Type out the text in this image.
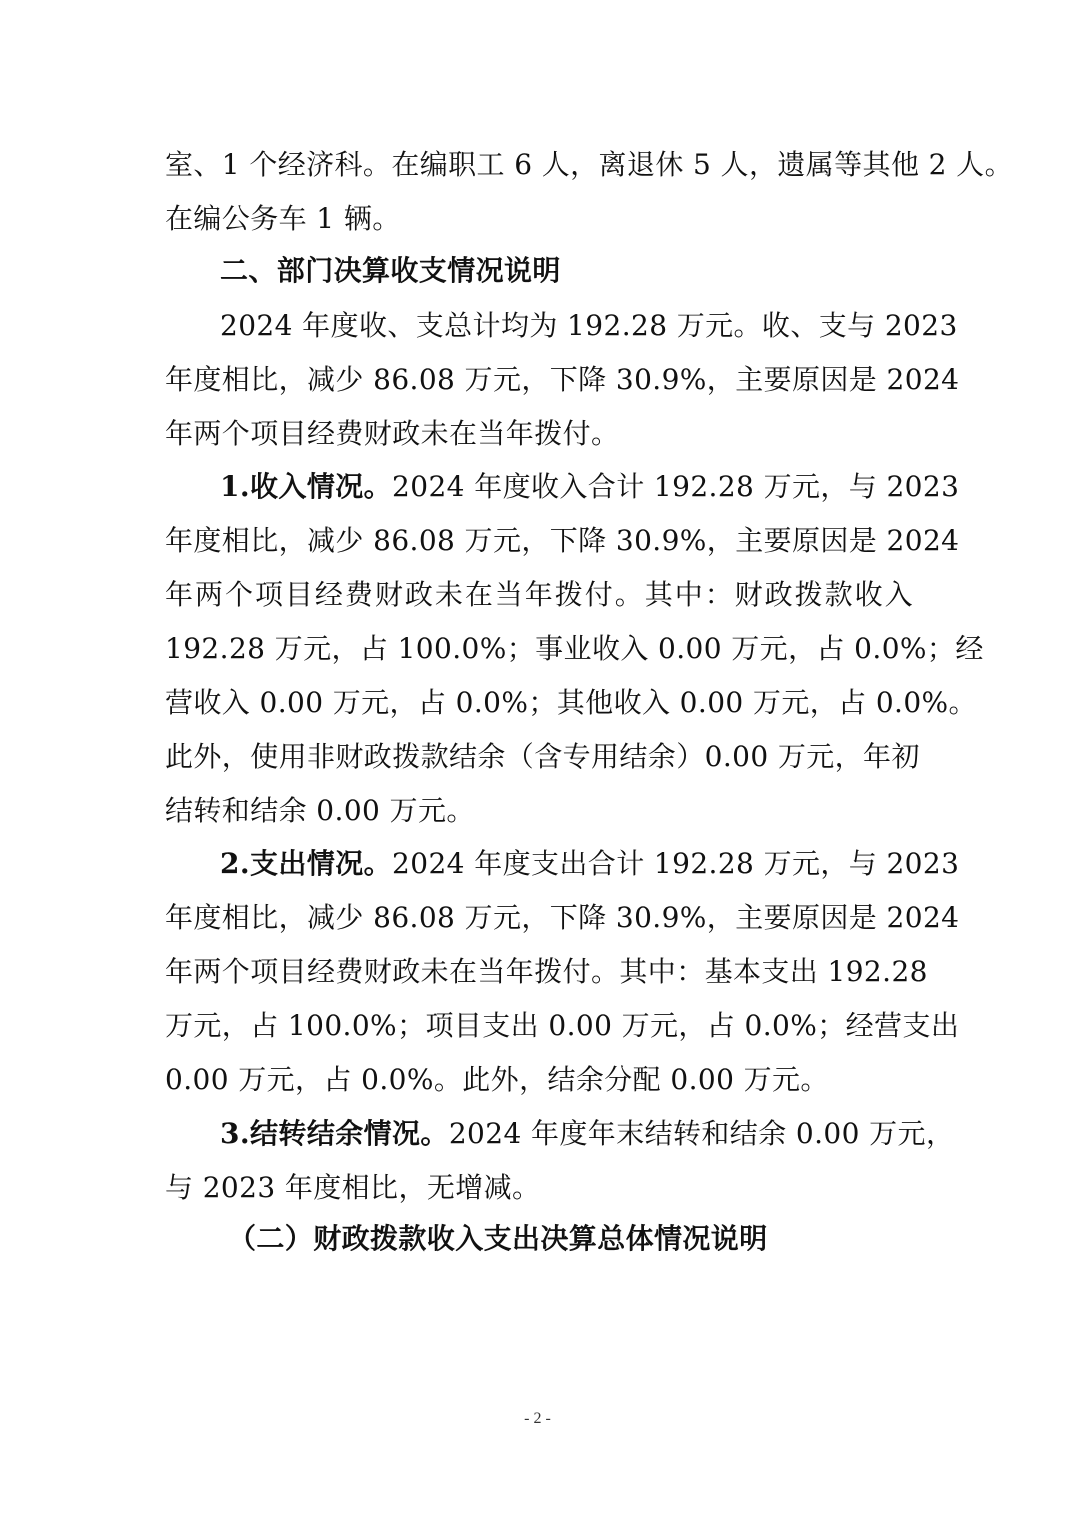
室、1 个经济科。在编职工 6 人，离退休 5 人，遗属等其他 2 人。
在编公务车 1 辆。
二、部门决算收支情况说明
2024 年度收、支总计均为 192.28 万元。收、支与 2023
年度相比，减少 86.08 万元，下降 30.9%，主要原因是 2024
年两个项目经费财政未在当年拨付。
1.收入情况。2024 年度收入合计 192.28 万元，与 2023
年度相比，减少 86.08 万元，下降 30.9%，主要原因是 2024
年两个项目经费财政未在当年拨付。其中：财政拨款收入
192.28 万元，占 100.0%；事业收入 0.00 万元，占 0.0%；经
营收入 0.00 万元，占 0.0%；其他收入 0.00 万元，占 0.0%。
此外，使用非财政拨款结余（含专用结余）0.00 万元，年初
结转和结余 0.00 万元。
2.支出情况。2024 年度支出合计 192.28 万元，与 2023
年度相比，减少 86.08 万元，下降 30.9%，主要原因是 2024
年两个项目经费财政未在当年拨付。其中：基本支出 192.28
万元，占 100.0%；项目支出 0.00 万元，占 0.0%；经营支出
0.00 万元，占 0.0%。此外，结余分配 0.00 万元。
3.结转结余情况。2024 年度年末结转和结余 0.00 万元，
与 2023 年度相比，无增减。
（二）财政拨款收入支出决算总体情况说明
- 2 -
